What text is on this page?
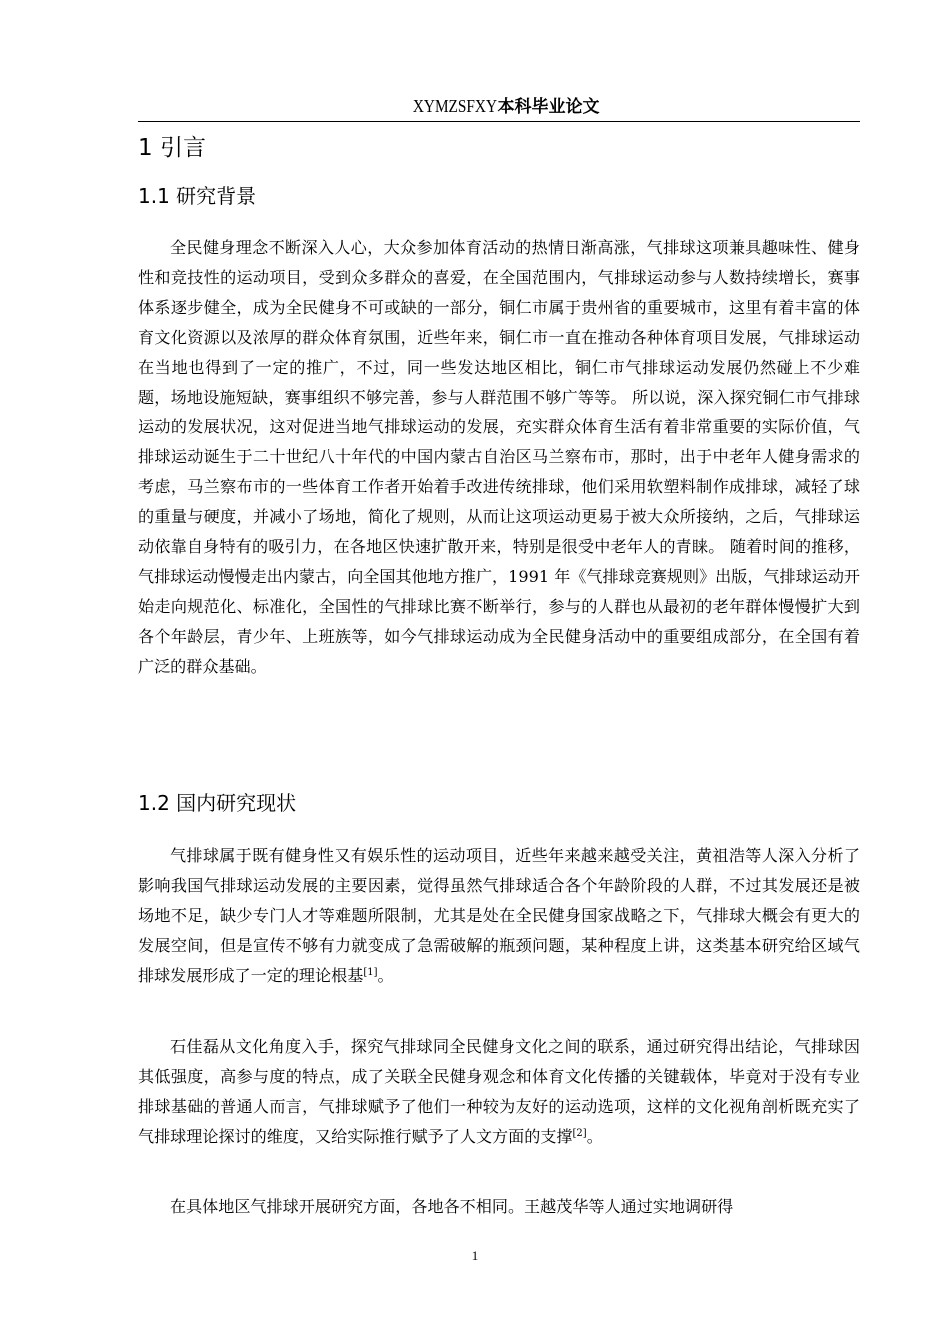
XYMZSFXY本科毕业论文
1 引言
1.1 研究背景

全民健身理念不断深入人心，大众参加体育活动的热情日渐高涨，气排球这项兼具趣味性、健身性和竞技性的运动项目，受到众多群众的喜爱，在全国范围内，气排球运动参与人数持续增长，赛事体系逐步健全，成为全民健身不可或缺的一部分，铜仁市属于贵州省的重要城市，这里有着丰富的体育文化资源以及浓厚的群众体育氛围，近些年来，铜仁市一直在推动各种体育项目发展，气排球运动在当地也得到了一定的推广，不过，同一些发达地区相比，铜仁市气排球运动发展仍然碰上不少难题，场地设施短缺，赛事组织不够完善，参与人群范围不够广等等。 所以说，深入探究铜仁市气排球运动的发展状况，这对促进当地气排球运动的发展，充实群众体育生活有着非常重要的实际价值，气排球运动诞生于二十世纪八十年代的中国内蒙古自治区马兰察布市，那时，出于中老年人健身需求的考虑，马兰察布市的一些体育工作者开始着手改进传统排球，他们采用软塑料制作成排球，减轻了球的重量与硬度，并减小了场地，简化了规则，从而让这项运动更易于被大众所接纳，之后，气排球运动依靠自身特有的吸引力，在各地区快速扩散开来，特别是很受中老年人的青睐。 随着时间的推移，气排球运动慢慢走出内蒙古，向全国其他地方推广，1991 年《气排球竞赛规则》出版，气排球运动开始走向规范化、标准化，全国性的气排球比赛不断举行，参与的人群也从最初的老年群体慢慢扩大到各个年龄层，青少年、上班族等，如今气排球运动成为全民健身活动中的重要组成部分，在全国有着广泛的群众基础。

1.2 国内研究现状

气排球属于既有健身性又有娱乐性的运动项目，近些年来越来越受关注，黄祖浩等人深入分析了影响我国气排球运动发展的主要因素，觉得虽然气排球适合各个年龄阶段的人群，不过其发展还是被场地不足，缺少专门人才等难题所限制，尤其是处在全民健身国家战略之下，气排球大概会有更大的发展空间，但是宣传不够有力就变成了急需破解的瓶颈问题，某种程度上讲，这类基本研究给区域气排球发展形成了一定的理论根基[1]。

石佳磊从文化角度入手，探究气排球同全民健身文化之间的联系，通过研究得出结论，气排球因其低强度，高参与度的特点，成了关联全民健身观念和体育文化传播的关键载体，毕竟对于没有专业排球基础的普通人而言，气排球赋予了他们一种较为友好的运动选项，这样的文化视角剖析既充实了气排球理论探讨的维度，又给实际推行赋予了人文方面的支撑[2]。

在具体地区气排球开展研究方面，各地各不相同。王越茂华等人通过实地调研得

1
